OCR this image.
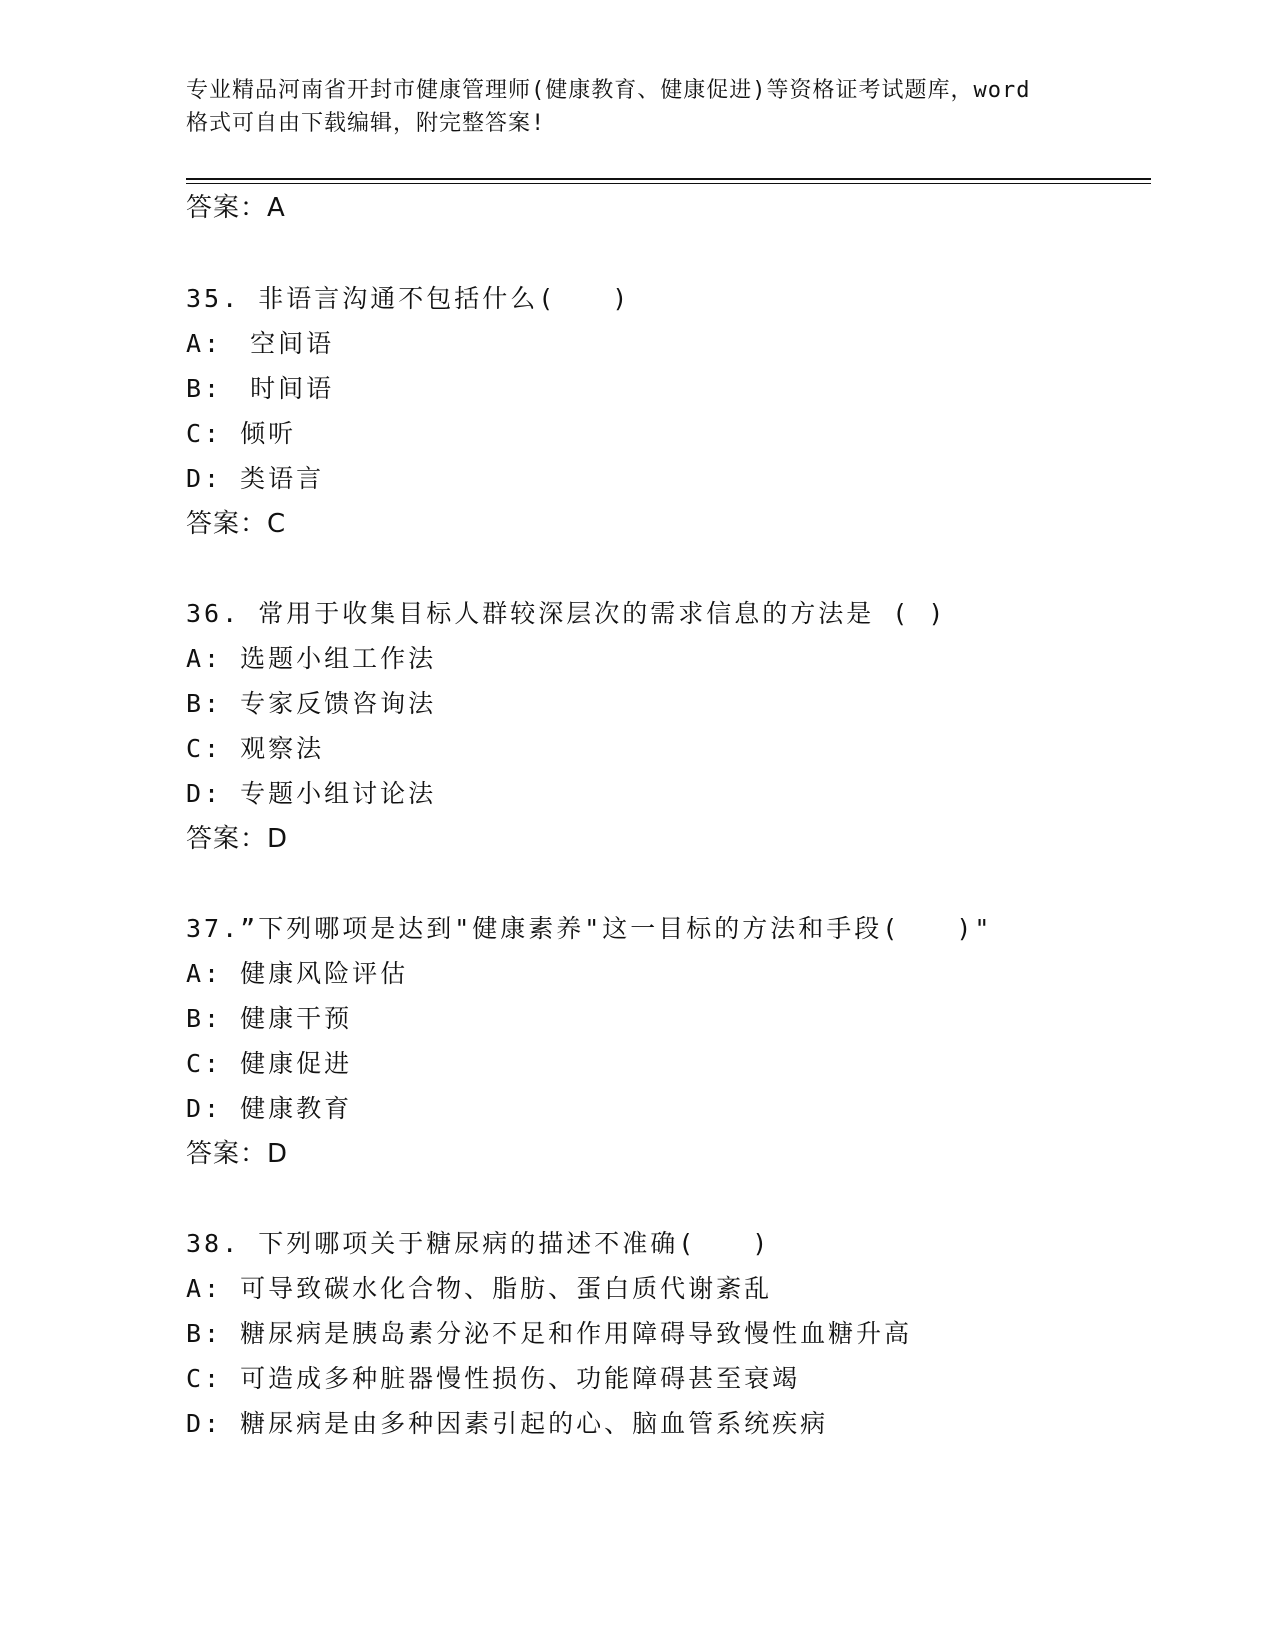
专业精品河南省开封市健康管理师(健康教育、健康促进)等资格证考试题库，word
格式可自由下载编辑，附完整答案!
答案：A
35. 非语言沟通不包括什么(　　)
A:　空间语
B:　时间语
C: 倾听
D: 类语言
答案：C
36. 常用于收集目标人群较深层次的需求信息的方法是 ( )
A: 选题小组工作法
B: 专家反馈咨询法
C: 观察法
D: 专题小组讨论法
答案：D
37.”下列哪项是达到"健康素养"这一目标的方法和手段(　　)"
A: 健康风险评估
B: 健康干预
C: 健康促进
D: 健康教育
答案：D
38. 下列哪项关于糖尿病的描述不准确(　　)
A: 可导致碳水化合物、脂肪、蛋白质代谢紊乱
B: 糖尿病是胰岛素分泌不足和作用障碍导致慢性血糖升高
C: 可造成多种脏器慢性损伤、功能障碍甚至衰竭
D: 糖尿病是由多种因素引起的心、脑血管系统疾病
